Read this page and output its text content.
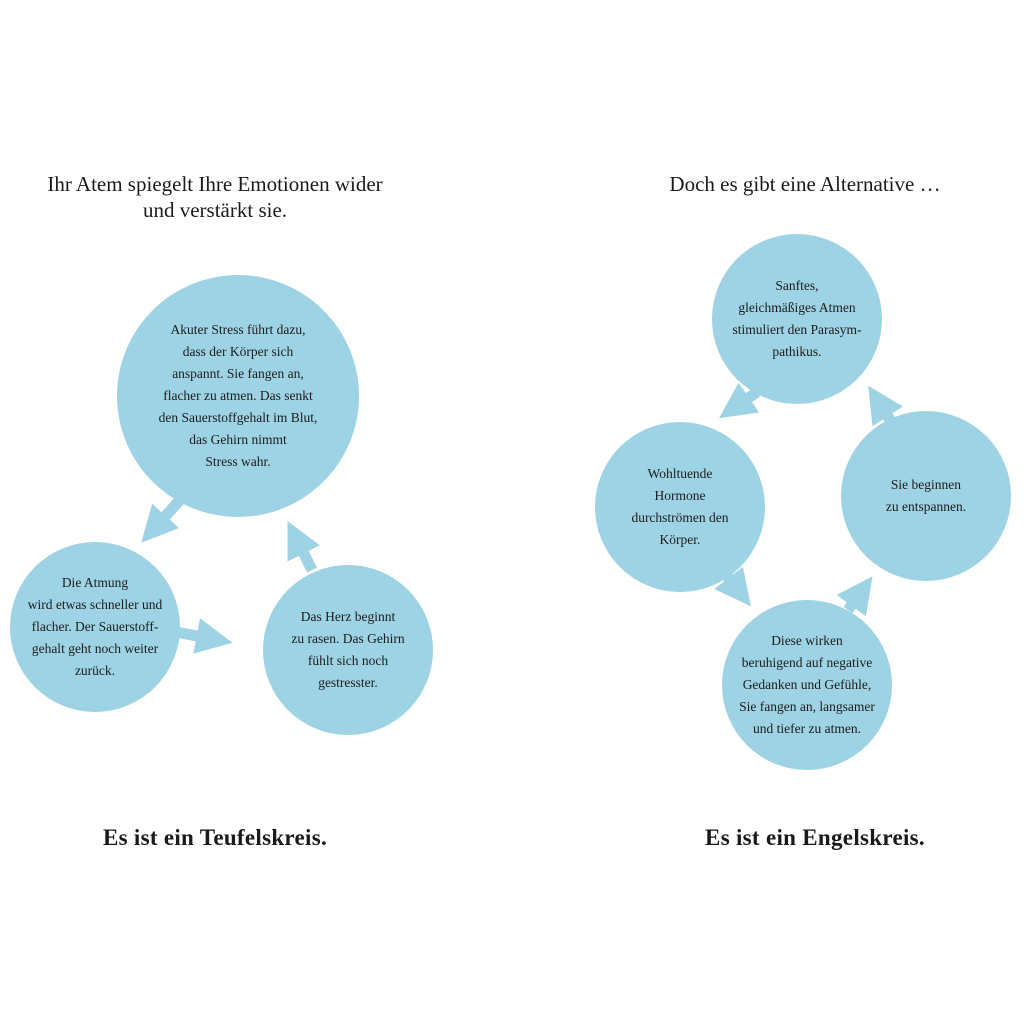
Ihr Atem spiegelt Ihre Emotionen wider
und verstärkt sie.

Akuter Stress führt dazu,
dass der Körper sich
anspannt. Sie fangen an,
flacher zu atmen. Das senkt
den Sauerstoffgehalt im Blut,
das Gehirn nimmt
Stress wahr.

Die Atmung
wird etwas schneller und
flacher. Der Sauerstoff-
gehalt geht noch weiter
zurück.

Das Herz beginnt
zu rasen. Das Gehirn
fühlt sich noch
gestresster.

Es ist ein Teufelskreis.

Doch es gibt eine Alternative …

Sanftes,
gleichmäßiges Atmen
stimuliert den Parasym-
pathikus.

Wohltuende
Hormone
durchströmen den
Körper.

Sie beginnen
zu entspannen.

Diese wirken
beruhigend auf negative
Gedanken und Gefühle,
Sie fangen an, langsamer
und tiefer zu atmen.

Es ist ein Engelskreis.
